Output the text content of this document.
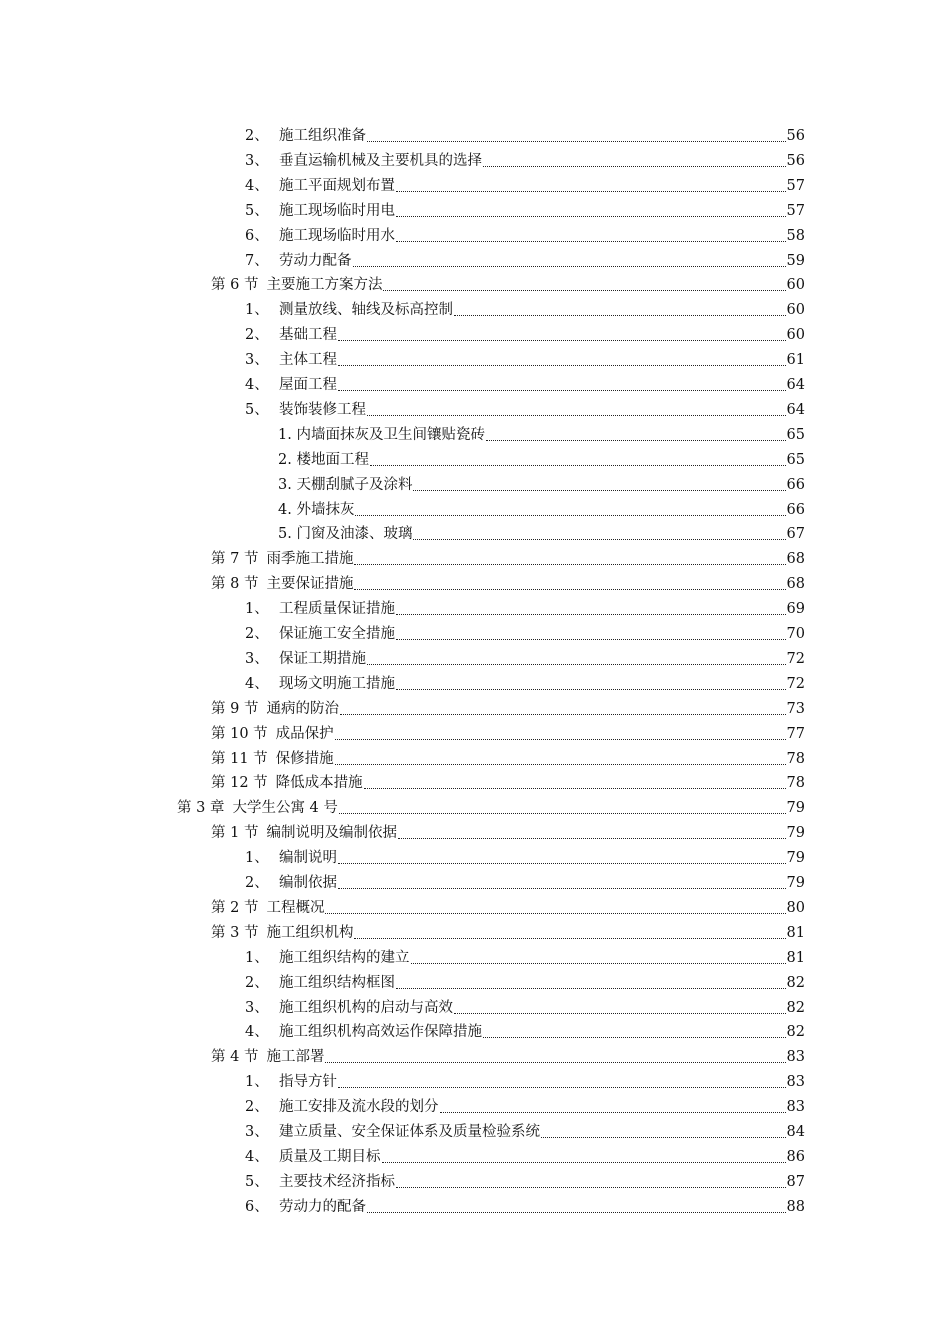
2、 施工组织准备	56
3、 垂直运输机械及主要机具的选择	56
4、 施工平面规划布置	57
5、 施工现场临时用电	57
6、 施工现场临时用水	58
7、 劳动力配备	59
第 6 节 主要施工方案方法	60
1、 测量放线、轴线及标高控制	60
2、 基础工程	60
3、 主体工程	61
4、 屋面工程	64
5、 装饰装修工程	64
1. 内墙面抹灰及卫生间镶贴瓷砖	65
2. 楼地面工程	65
3. 天棚刮腻子及涂料	66
4. 外墙抹灰	66
5. 门窗及油漆、玻璃	67
第 7 节 雨季施工措施	68
第 8 节 主要保证措施	68
1、 工程质量保证措施	69
2、 保证施工安全措施	70
3、 保证工期措施	72
4、 现场文明施工措施	72
第 9 节 通病的防治	73
第 10 节 成品保护	77
第 11 节 保修措施	78
第 12 节 降低成本措施	78
第 3 章 大学生公寓 4 号	79
第 1 节 编制说明及编制依据	79
1、 编制说明	79
2、 编制依据	79
第 2 节 工程概况	80
第 3 节 施工组织机构	81
1、 施工组织结构的建立	81
2、 施工组织结构框图	82
3、 施工组织机构的启动与高效	82
4、 施工组织机构高效运作保障措施	82
第 4 节 施工部署	83
1、 指导方针	83
2、 施工安排及流水段的划分	83
3、 建立质量、安全保证体系及质量检验系统	84
4、 质量及工期目标	86
5、 主要技术经济指标	87
6、 劳动力的配备	88
